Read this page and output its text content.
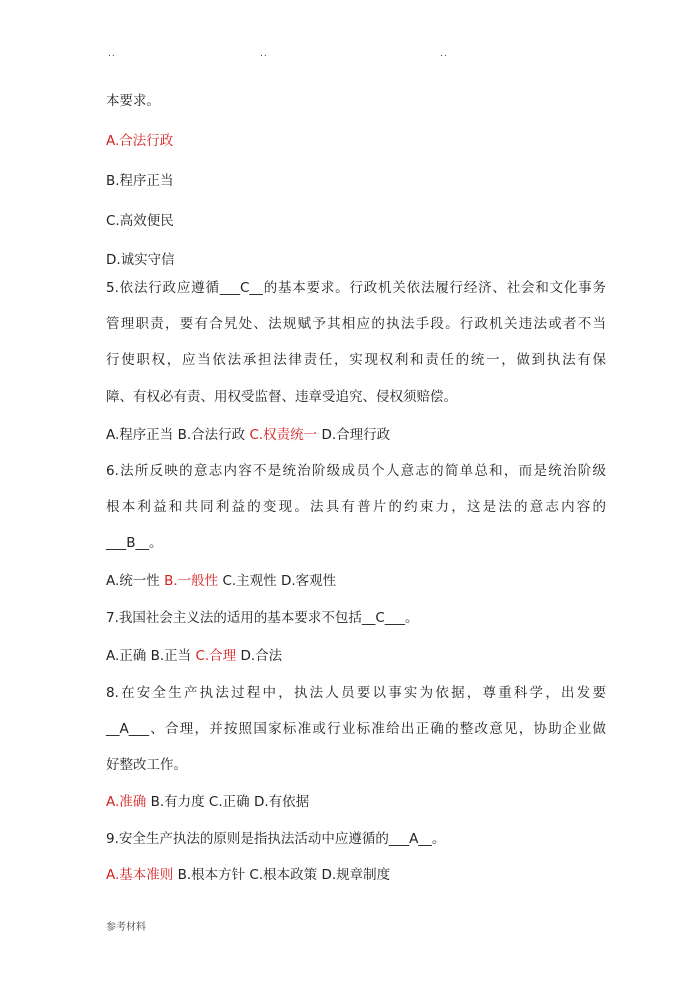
..	..	..
本要求。
A.合法行政
B.程序正当
C.高效便民
D.诚实守信
5.依法行政应遵循___C__的基本要求。行政机关依法履行经济、社会和文化事务
管理职责，要有合旯处、法规赋予其相应的执法手段。行政机关违法或者不当
行使职权，应当依法承担法律责任，实现权利和责任的统一，做到执法有保
障、有权必有责、用权受监督、违章受追究、侵权须赔偿。
A.程序正当 B.合法行政 C.权责统一 D.合理行政
6.法所反映的意志内容不是统治阶级成员个人意志的简单总和，而是统治阶级
根本利益和共同利益的变现。法具有普片的约束力，这是法的意志内容的
___B__。
A.统一性 B.一般性 C.主观性 D.客观性
7.我国社会主义法的适用的基本要求不包括__C___。
A.正确 B.正当 C.合理 D.合法
8.在安全生产执法过程中，执法人员要以事实为依据，尊重科学，出发要
__A___、合理，并按照国家标准或行业标准给出正确的整改意见，协助企业做
好整改工作。
A.准确 B.有力度 C.正确 D.有依据
9.安全生产执法的原则是指执法活动中应遵循的___A__。
A.基本准则 B.根本方针 C.根本政策 D.规章制度
参考材料
